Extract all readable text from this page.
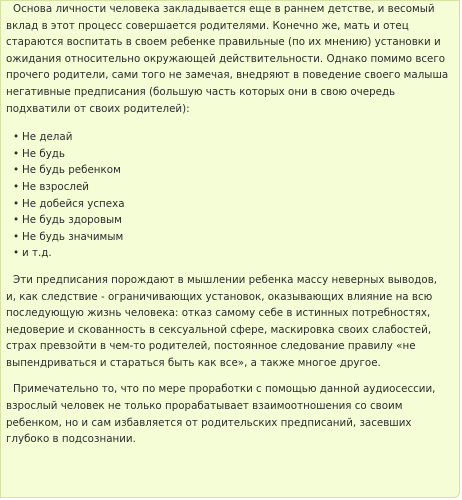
Основа личности человека закладывается еще в раннем детстве, и весомый вклад в этот процесс совершается родителями. Конечно же, мать и отец стараются воспитать в своем ребенке правильные (по их мнению) установки и ожидания относительно окружающей действительности. Однако помимо всего прочего родители, сами того не замечая, внедряют в поведение своего малыша негативные предписания (большую часть которых они в свою очередь подхватили от своих родителей):

• Не делай
• Не будь
• Не будь ребенком
• Не взрослей
• Не добейся успеха
• Не будь здоровым
• Не будь значимым
• и т.д.

Эти предписания порождают в мышлении ребенка массу неверных выводов, и, как следствие - ограничивающих установок, оказывающих влияние на всю последующую жизнь человека: отказ самому себе в истинных потребностях, недоверие и скованность в сексуальной сфере, маскировка своих слабостей, страх превзойти в чем-то родителей, постоянное следование правилу «не выпендриваться и стараться быть как все», а также многое другое.

Примечательно то, что по мере проработки с помощью данной аудиосессии, взрослый человек не только прорабатывает взаимоотношения со своим ребенком, но и сам избавляется от родительских предписаний, засевших глубоко в подсознании.
